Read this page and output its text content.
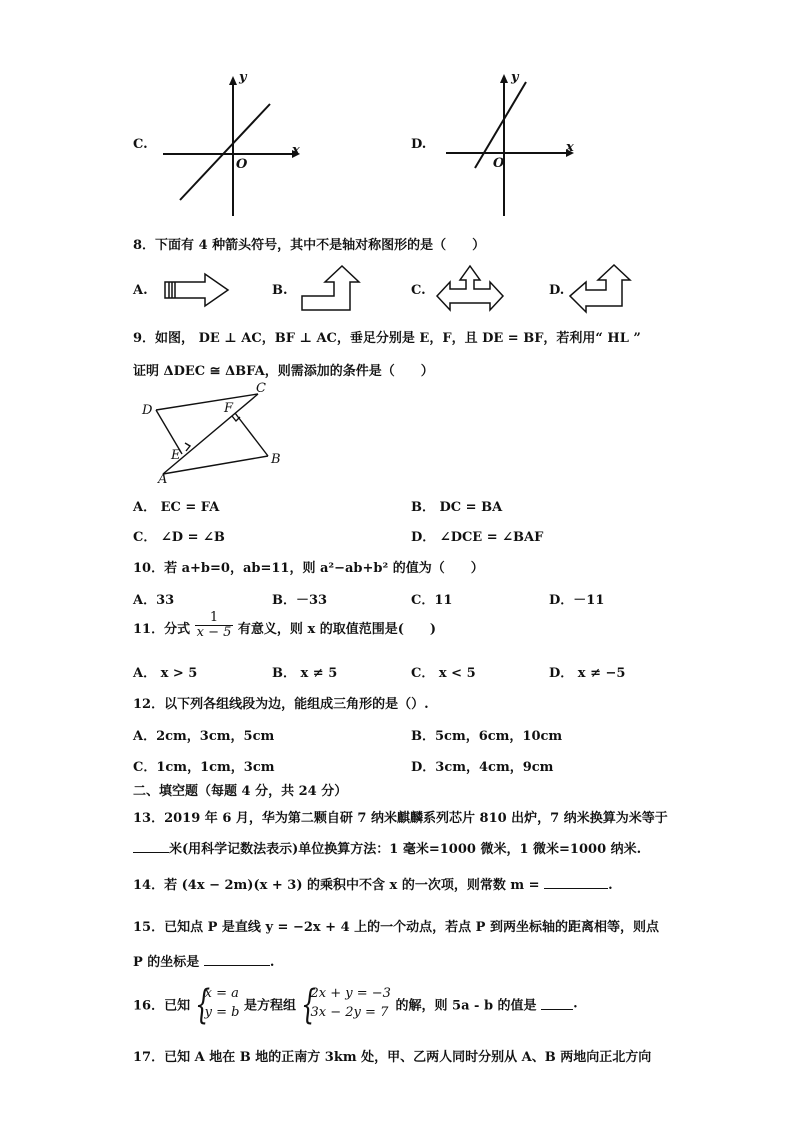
C.
y
x
O
D.
y
x
O
8．下面有 4 种箭头符号，其中不是轴对称图形的是（　　）
A.	B.	C.	D.
9．如图， DE ⊥ AC，BF ⊥ AC，垂足分别是 E，F，且 DE = BF，若利用“ HL ”
证明 ΔDEC ≅ ΔBFA，则需添加的条件是（　　）
C
D	F
E	B
A
A． EC = FA	B． DC = BA
C． ∠D = ∠B	D． ∠DCE = ∠BAF
10．若 a+b=0，ab=11，则 a²−ab+b² 的值为（　　）
A．33	B．－33	C．11	D．－11
11．分式 $\frac{1}{x - 5}$ 有意义，则 x 的取值范围是(　　)
A． x > 5	B． x ≠ 5	C． x < 5	D． x ≠ −5
12．以下列各组线段为边，能组成三角形的是（）.
A．2cm，3cm，5cm	B．5cm，6cm，10cm
C．1cm，1cm，3cm	D．3cm，4cm，9cm
二、填空题（每题 4 分，共 24 分）
13．2019 年 6 月，华为第二颗自研 7 纳米麒麟系列芯片 810 出炉，7 纳米换算为米等于
米(用科学记数法表示)单位换算方法：1 毫米=1000 微米，1 微米=1000 纳米.
14．若 (4x − 2m)(x + 3) 的乘积中不含 x 的一次项，则常数 m =	.
15．已知点 P 是直线 y = −2x + 4 上的一个动点，若点 P 到两坐标轴的距离相等，则点
P 的坐标是	.
16．已知 {
x = a
y = b 是方程组 {
2x + y = −3
3x − 2y = 7 的解，则 5a - b 的值是	.
17．已知 A 地在 B 地的正南方 3km 处，甲、乙两人同时分别从 A、B 两地向正北方向
